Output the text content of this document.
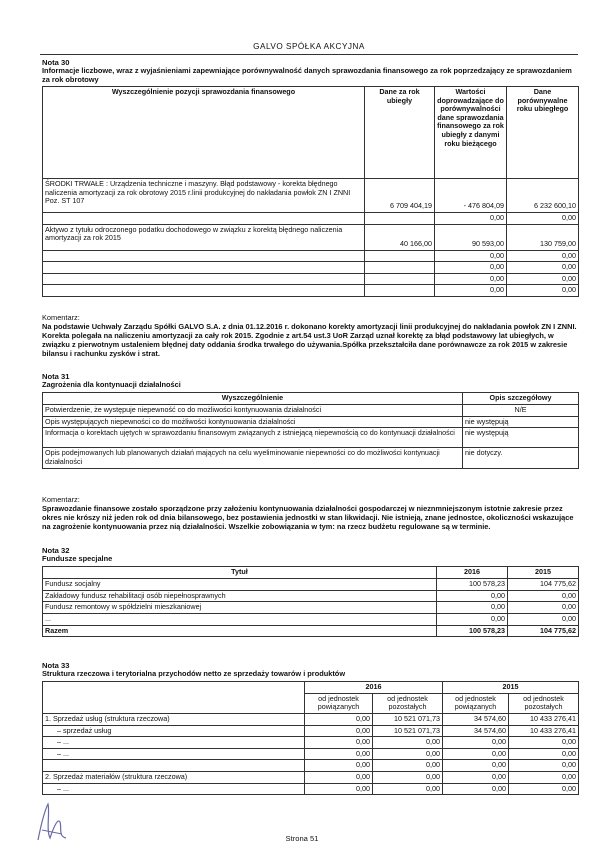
GALVO SPÓŁKA AKCYJNA
Nota 30
Informacje liczbowe, wraz z wyjaśnieniami zapewniające porównywalność danych sprawozdania finansowego za rok poprzedzający ze sprawozdaniem za rok obrotowy
Wyszczególnienie pozycji sprawozdania finansowego	Dane za rok ubiegły	Wartości doprowadzające do porównywalności dane sprawozdania finansowego za rok ubiegły z danymi roku bieżącego	Dane porównywalne roku ubiegłego
ŚRODKI TRWAŁE : Urządzenia techniczne i maszyny. Błąd podstawowy - korekta błędnego naliczenia amortyzacji za rok obrotowy 2015 r.linii produkcyjnej do nakładania powłok ZN I ZNNI Poz. ST 107	6 709 404,19	- 476 804,09	6 232 600,10
		0,00	0,00
Aktywo z tytułu odroczonego podatku dochodowego w związku z korektą błędnego naliczenia amortyzacji za rok 2015	40 166,00	90 593,00	130 759,00
		0,00	0,00
		0,00	0,00
		0,00	0,00
		0,00	0,00
Komentarz:
Na podstawie Uchwały Zarządu Spółki GALVO S.A. z dnia 01.12.2016 r. dokonano korekty amortyzacji linii produkcyjnej do nakładania powłok ZN I ZNNI. Korekta polegała na naliczeniu amortyzacji za cały rok 2015. Zgodnie z art.54 ust.3 UoR Zarząd uznał korektę za błąd podstawowy lat ubiegłych, w związku z pierwotnym ustaleniem błędnej daty oddania środka trwałego do używania.Spółka przekształciła dane porównawcze za rok 2015 w zakresie bilansu i rachunku zysków i strat.
Nota 31
Zagrożenia dla kontynuacji działalności
Wyszczególnienie	Opis szczegółowy
Potwierdzenie, że występuje niepewność co do możliwości kontynuowania działalności	N/E
Opis występujących niepewności co do możliwości kontynuowania działalności	nie występują
Informacja o korektach ujętych w sprawozdaniu finansowym związanych z istniejącą niepewnością co do kontynuacji działalności	nie występują
Opis podejmowanych lub planowanych działań mających na celu wyeliminowanie niepewności co do możliwości kontynuacji działalności	nie dotyczy.
Komentarz:
Sprawozdanie finansowe zostało sporządzone przy założeniu kontynuowania działalności gospodarczej w nieznmniejszonym istotnie zakresie przez okres nie krószy niż jeden rok od dnia bilansowego, bez postawienia jednostki w stan likwidacji. Nie istnieją, znane jednostce, okoliczności wskazujące na zagrożenie kontynuowania przez nią działalności. Wszelkie zobowiązania w tym: na rzecz budżetu regulowane są w terminie.
Nota 32
Fundusze specjalne
Tytuł	2016	2015
Fundusz socjalny	100 578,23	104 775,62
Zakładowy fundusz rehabilitacji osób niepełnosprawnych	0,00	0,00
Fundusz remontowy w spółdzielni mieszkaniowej	0,00	0,00
...	0,00	0,00
Razem	100 578,23	104 775,62
Nota 33
Struktura rzeczowa i terytorialna przychodów netto ze sprzedaży towarów i produktów
	2016		2015	
	od jednostek powiązanych	od jednostek pozostałych	od jednostek powiązanych	od jednostek pozostałych
1. Sprzedaż usług (struktura rzeczowa)	0,00	10 521 071,73	34 574,60	10 433 276,41
– sprzedaż usług	0,00	10 521 071,73	34 574,60	10 433 276,41
– ...	0,00	0,00	0,00	0,00
– ...	0,00	0,00	0,00	0,00
	0,00	0,00	0,00	0,00
2. Sprzedaż materiałów (struktura rzeczowa)	0,00	0,00	0,00	0,00
– ...	0,00	0,00	0,00	0,00
Strona 51
